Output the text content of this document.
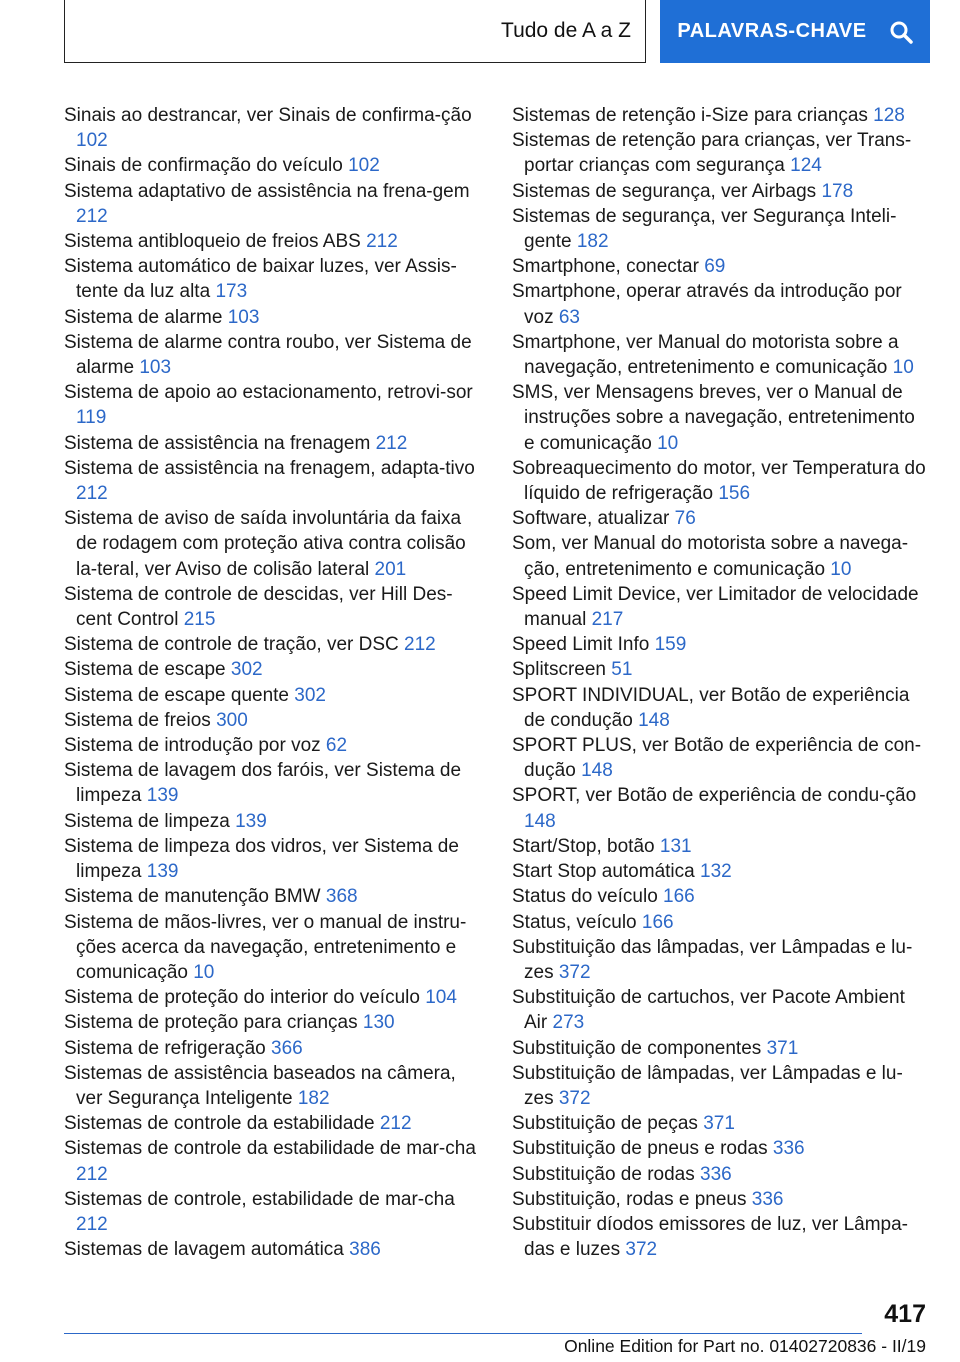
Tudo de A a Z PALAVRAS-CHAVE
Sinais ao destrancar, ver Sinais de confirma-ção 102
Sinais de confirmação do veículo 102
Sistema adaptativo de assistência na frena-gem 212
Sistema antibloqueio de freios ABS 212
Sistema automático de baixar luzes, ver Assis-tente da luz alta 173
Sistema de alarme 103
Sistema de alarme contra roubo, ver Sistema de alarme 103
Sistema de apoio ao estacionamento, retrovi-sor 119
Sistema de assistência na frenagem 212
Sistema de assistência na frenagem, adapta-tivo 212
Sistema de aviso de saída involuntária da faixa de rodagem com proteção ativa contra colisão la-teral, ver Aviso de colisão lateral 201
Sistema de controle de descidas, ver Hill Des-cent Control 215
Sistema de controle de tração, ver DSC 212
Sistema de escape 302
Sistema de escape quente 302
Sistema de freios 300
Sistema de introdução por voz 62
Sistema de lavagem dos faróis, ver Sistema de limpeza 139
Sistema de limpeza 139
Sistema de limpeza dos vidros, ver Sistema de limpeza 139
Sistema de manutenção BMW 368
Sistema de mãos-livres, ver o manual de instru-ções acerca da navegação, entretenimento e comunicação 10
Sistema de proteção do interior do veículo 104
Sistema de proteção para crianças 130
Sistema de refrigeração 366
Sistemas de assistência baseados na câmera, ver Segurança Inteligente 182
Sistemas de controle da estabilidade 212
Sistemas de controle da estabilidade de mar-cha 212
Sistemas de controle, estabilidade de mar-cha 212
Sistemas de lavagem automática 386
Sistemas de retenção i-Size para crianças 128
Sistemas de retenção para crianças, ver Trans-portar crianças com segurança 124
Sistemas de segurança, ver Airbags 178
Sistemas de segurança, ver Segurança Inteli-gente 182
Smartphone, conectar 69
Smartphone, operar através da introdução por voz 63
Smartphone, ver Manual do motorista sobre a navegação, entretenimento e comunicação 10
SMS, ver Mensagens breves, ver o Manual de instruções sobre a navegação, entretenimento e comunicação 10
Sobreaquecimento do motor, ver Temperatura do líquido de refrigeração 156
Software, atualizar 76
Som, ver Manual do motorista sobre a navega-ção, entretenimento e comunicação 10
Speed Limit Device, ver Limitador de velocidade manual 217
Speed Limit Info 159
Splitscreen 51
SPORT INDIVIDUAL, ver Botão de experiência de condução 148
SPORT PLUS, ver Botão de experiência de con-dução 148
SPORT, ver Botão de experiência de condu-ção 148
Start/Stop, botão 131
Start Stop automática 132
Status do veículo 166
Status, veículo 166
Substituição das lâmpadas, ver Lâmpadas e lu-zes 372
Substituição de cartuchos, ver Pacote Ambient Air 273
Substituição de componentes 371
Substituição de lâmpadas, ver Lâmpadas e lu-zes 372
Substituição de peças 371
Substituição de pneus e rodas 336
Substituição de rodas 336
Substituição, rodas e pneus 336
Substituir díodos emissores de luz, ver Lâmpa-das e luzes 372
417
Online Edition for Part no. 01402720836 - II/19
